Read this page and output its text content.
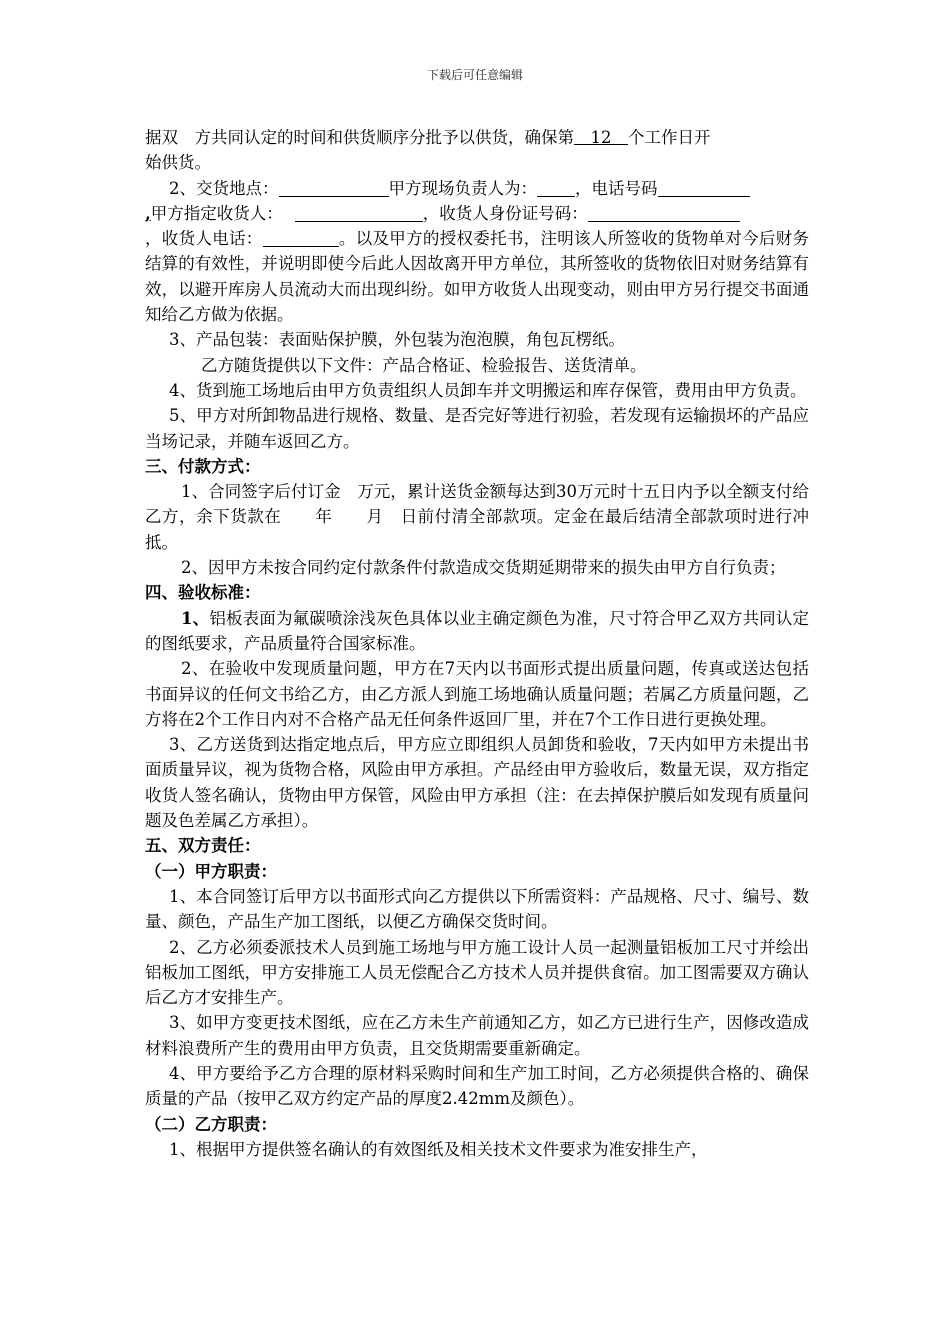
下载后可任意编辑

据双　方共同认定的时间和供货顺序分批予以供货，确保第　12　个工作日开
始供货。

2、交货地点：	甲方现场负责人为： ，电话号码
,甲方指定收货人：	，收货人身份证号码：
，收货人电话：	。以及甲方的授权委托书，注明该人所签收的货物单对今后财务结算的有效性，并说明即使今后此人因故离开甲方单位，其所签收的货物依旧对财务结算有效，以避开库房人员流动大而出现纠纷。如甲方收货人出现变动，则由甲方另行提交书面通知给乙方做为依据。

3、产品包装：表面贴保护膜，外包装为泡泡膜，角包瓦楞纸。

乙方随货提供以下文件：产品合格证、检验报告、送货清单。

4、货到施工场地后由甲方负责组织人员卸车并文明搬运和库存保管，费用由甲方负责。

5、甲方对所卸物品进行规格、数量、是否完好等进行初验，若发现有运输损坏的产品应当场记录，并随车返回乙方。

三、付款方式：

1、合同签字后付订金　万元，累计送货金额每达到30万元时十五日内予以全额支付给乙方，余下货款在　　年　　月　日前付清全部款项。定金在最后结清全部款项时进行冲抵。

2、因甲方未按合同约定付款条件付款造成交货期延期带来的损失由甲方自行负责；

四、验收标准：

1、铝板表面为氟碳喷涂浅灰色具体以业主确定颜色为准，尺寸符合甲乙双方共同认定的图纸要求，产品质量符合国家标准。

2、在验收中发现质量问题，甲方在7天内以书面形式提出质量问题，传真或送达包括书面异议的任何文书给乙方，由乙方派人到施工场地确认质量问题；若属乙方质量问题，乙方将在2个工作日内对不合格产品无任何条件返回厂里，并在7个工作日进行更换处理。

3、乙方送货到达指定地点后，甲方应立即组织人员卸货和验收，7天内如甲方未提出书面质量异议，视为货物合格，风险由甲方承担。产品经由甲方验收后，数量无误，双方指定收货人签名确认，货物由甲方保管，风险由甲方承担（注：在去掉保护膜后如发现有质量问题及色差属乙方承担）。

五、双方责任：

（一）甲方职责：

1、本合同签订后甲方以书面形式向乙方提供以下所需资料：产品规格、尺寸、编号、数量、颜色，产品生产加工图纸，以便乙方确保交货时间。

2、乙方必须委派技术人员到施工场地与甲方施工设计人员一起测量铝板加工尺寸并绘出铝板加工图纸，甲方安排施工人员无偿配合乙方技术人员并提供食宿。加工图需要双方确认后乙方才安排生产。

3、如甲方变更技术图纸，应在乙方未生产前通知乙方，如乙方已进行生产，因修改造成材料浪费所产生的费用由甲方负责，且交货期需要重新确定。

4、甲方要给予乙方合理的原材料采购时间和生产加工时间，乙方必须提供合格的、确保质量的产品（按甲乙双方约定产品的厚度2.42mm及颜色）。

（二）乙方职责：

1、根据甲方提供签名确认的有效图纸及相关技术文件要求为准安排生产，
